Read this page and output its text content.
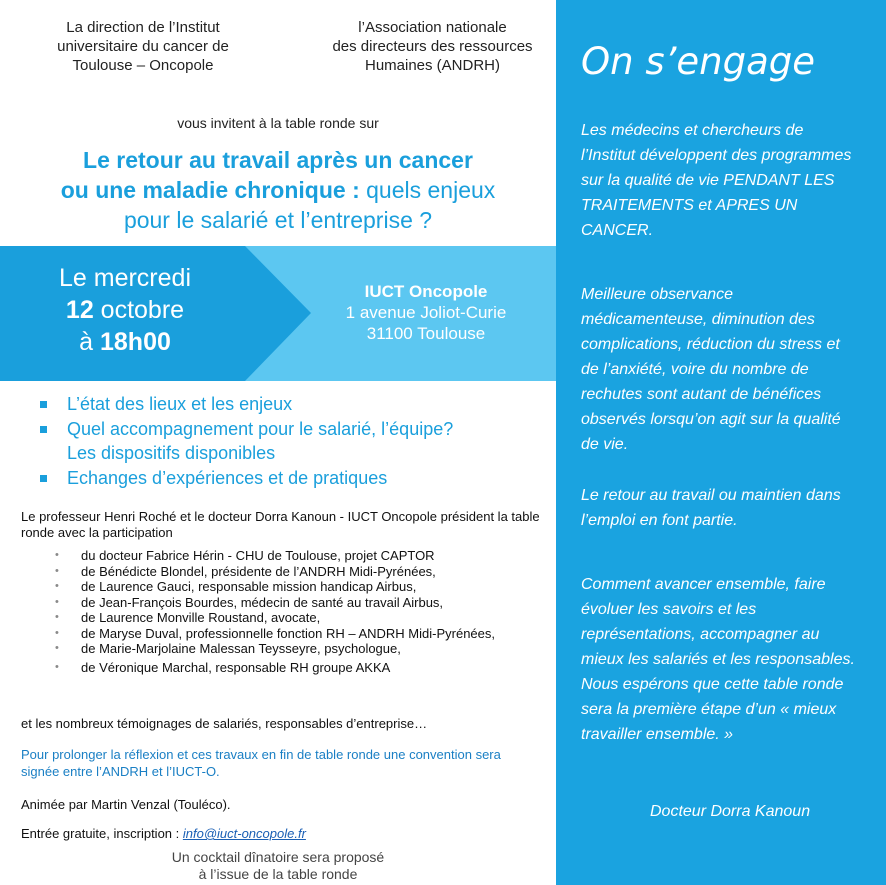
La direction de l’Institut
universitaire du cancer de
Toulouse – Oncopole
l’Association nationale
des directeurs des ressources
Humaines (ANDRH)
vous invitent à la table ronde sur
Le retour au travail après un cancer
ou une maladie chronique : quels enjeux
pour le salarié et l’entreprise ?
Le mercredi
12 octobre
à 18h00
IUCT Oncopole
1 avenue Joliot-Curie
31100 Toulouse
L’état des lieux et les enjeux
Quel accompagnement pour le salarié, l’équipe? Les dispositifs disponibles
Echanges d’expériences et de pratiques
Le professeur Henri Roché et le docteur Dorra Kanoun - IUCT Oncopole président la table ronde avec la participation
• du docteur Fabrice Hérin - CHU de Toulouse, projet CAPTOR
• de Bénédicte Blondel, présidente de l’ANDRH Midi-Pyrénées,
• de Laurence Gauci, responsable mission handicap Airbus,
• de Jean-François Bourdes, médecin de santé au travail Airbus,
• de Laurence Monville Roustand, avocate,
• de Maryse Duval, professionnelle fonction RH – ANDRH Midi-Pyrénées,
• de Marie-Marjolaine Malessan Teysseyre, psychologue,
• de Véronique Marchal, responsable RH groupe AKKA
et les nombreux témoignages de salariés, responsables d’entreprise…
Pour prolonger la réflexion et ces travaux en fin de table ronde une convention sera signée entre l’ANDRH et l’IUCT-O.
Animée par Martin Venzal (Touléco).
Entrée gratuite, inscription : info@iuct-oncopole.fr
Un cocktail dînatoire sera proposé
à l’issue de la table ronde
On s’engage
Les médecins et chercheurs de l’Institut développent des programmes sur la qualité de vie PENDANT LES TRAITEMENTS et APRES UN CANCER.
Meilleure observance médicamenteuse, diminution des complications, réduction du stress et de l’anxiété, voire du nombre de rechutes sont autant de bénéfices observés lorsqu’on agit sur la qualité de vie.
Le retour au travail ou maintien dans l’emploi en font partie.
Comment avancer ensemble, faire évoluer les savoirs et les représentations, accompagner au mieux les salariés et les responsables. Nous espérons que cette table ronde sera la première étape d’un « mieux travailler ensemble. »
Docteur Dorra Kanoun
